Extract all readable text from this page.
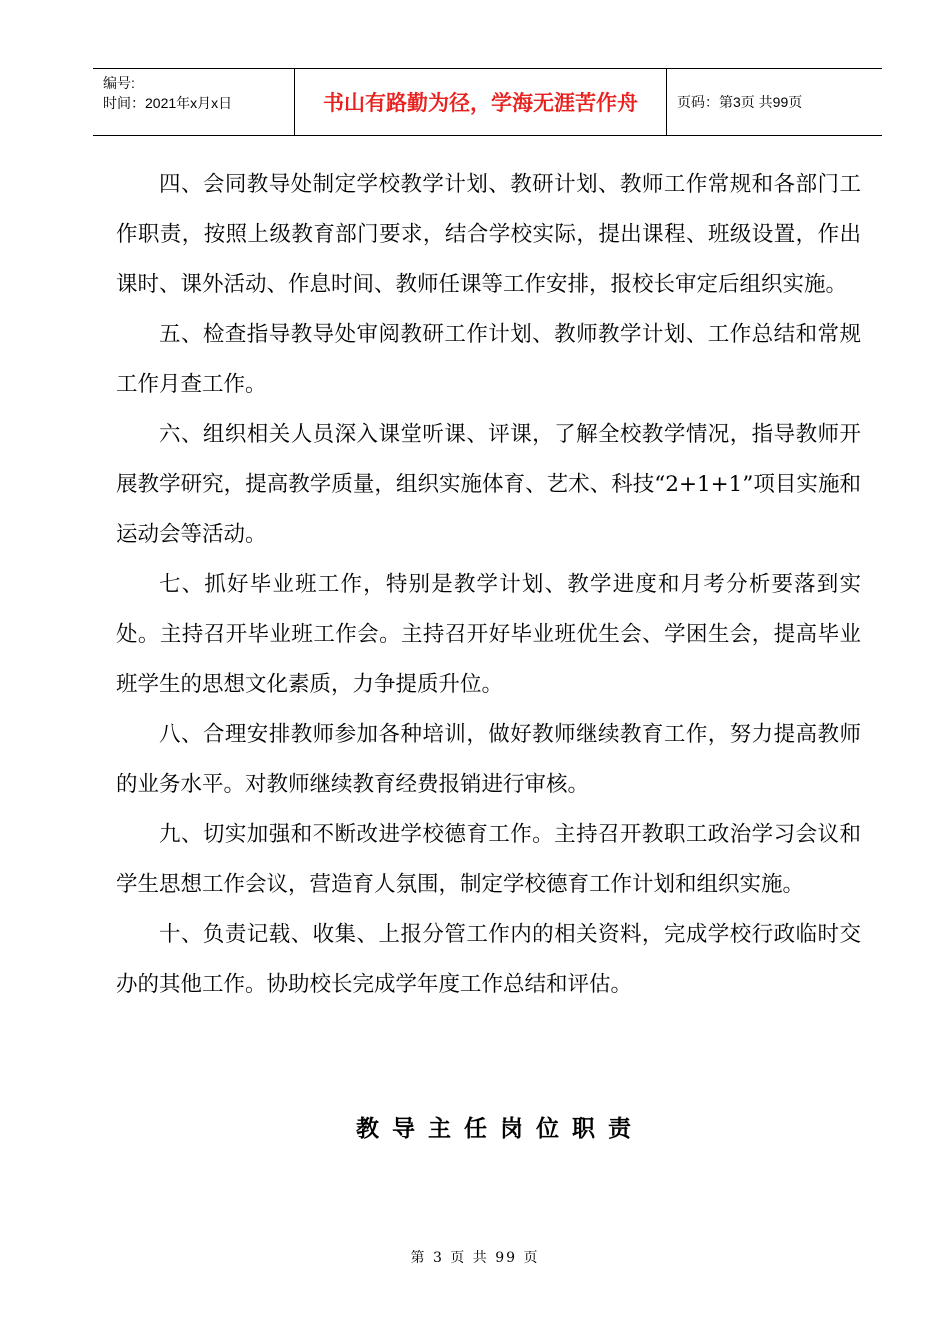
编号:
时间：2021年x月x日	书山有路勤为径，学海无涯苦作舟	页码：第3页 共99页

四、会同教导处制定学校教学计划、教研计划、教师工作常规和各部门工作职责，按照上级教育部门要求，结合学校实际，提出课程、班级设置，作出课时、课外活动、作息时间、教师任课等工作安排，报校长审定后组织实施。

五、检查指导教导处审阅教研工作计划、教师教学计划、工作总结和常规工作月查工作。

六、组织相关人员深入课堂听课、评课，了解全校教学情况，指导教师开展教学研究，提高教学质量，组织实施体育、艺术、科技“2+1+1”项目实施和运动会等活动。

七、抓好毕业班工作，特别是教学计划、教学进度和月考分析要落到实处。主持召开毕业班工作会。主持召开好毕业班优生会、学困生会，提高毕业班学生的思想文化素质，力争提质升位。

八、合理安排教师参加各种培训，做好教师继续教育工作，努力提高教师的业务水平。对教师继续教育经费报销进行审核。

九、切实加强和不断改进学校德育工作。主持召开教职工政治学习会议和学生思想工作会议，营造育人氛围，制定学校德育工作计划和组织实施。

十、负责记载、收集、上报分管工作内的相关资料，完成学校行政临时交办的其他工作。协助校长完成学年度工作总结和评估。

教导主任岗位职责
第 3 页 共 99 页
